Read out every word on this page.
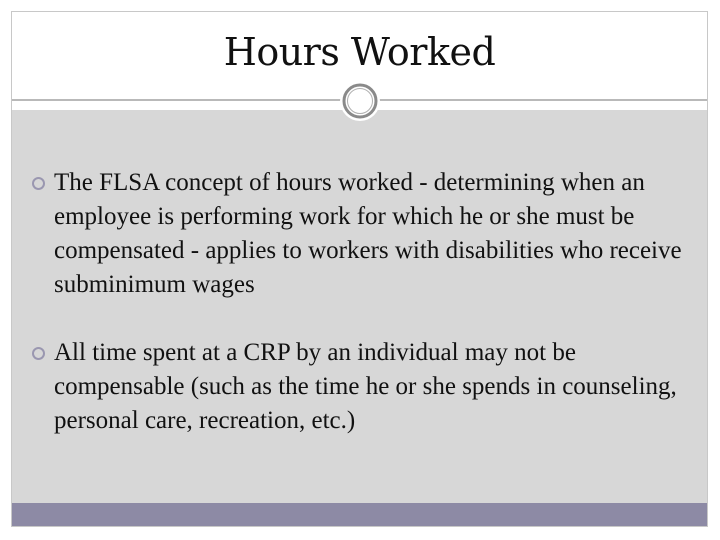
Hours Worked
The FLSA concept of hours worked - determining when an employee is performing work for which he or she must be compensated - applies to workers with disabilities who receive subminimum wages
All time spent at a CRP by an individual may not be compensable (such as the time he or she spends in counseling, personal care, recreation, etc.)
